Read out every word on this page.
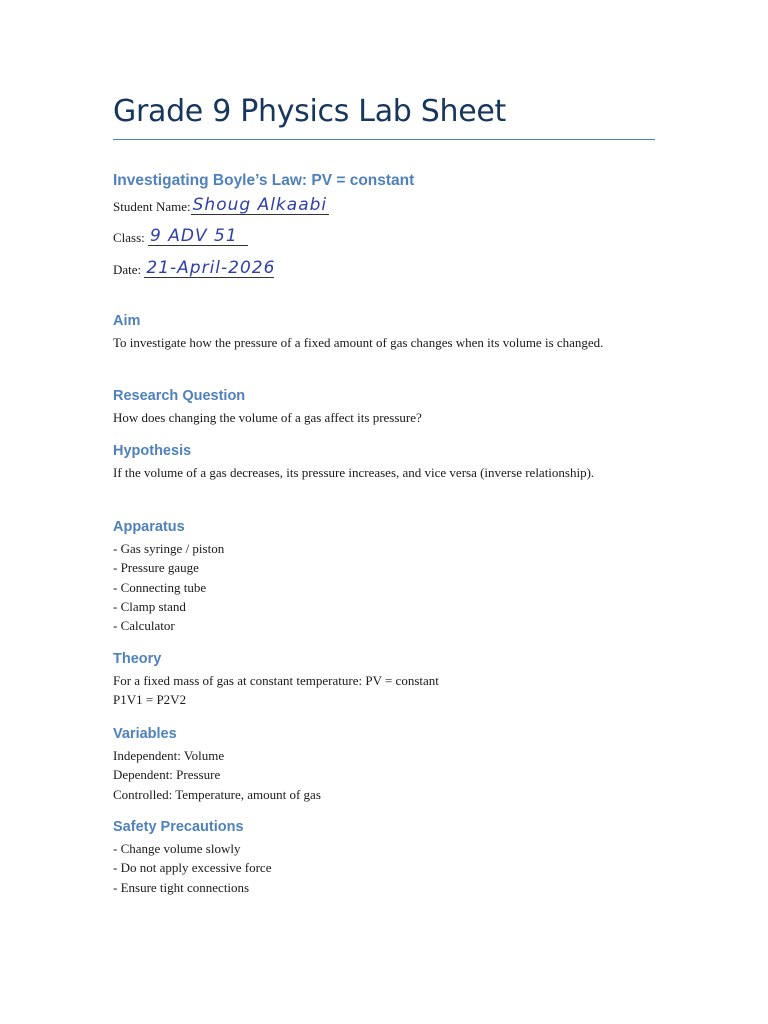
Grade 9 Physics Lab Sheet
Investigating Boyle’s Law: PV = constant
Student Name: Shoug Alkaabi
Class: 9 ADV 51
Date: 21-April-2026
Aim

To investigate how the pressure of a fixed amount of gas changes when its volume is changed.

Research Question

How does changing the volume of a gas affect its pressure?

Hypothesis

If the volume of a gas decreases, its pressure increases, and vice versa (inverse relationship).

Apparatus
- Gas syringe / piston
- Pressure gauge
- Connecting tube
- Clamp stand
- Calculator
Theory
For a fixed mass of gas at constant temperature: PV = constant
P1V1 = P2V2
Variables
Independent: Volume
Dependent: Pressure
Controlled: Temperature, amount of gas
Safety Precautions
- Change volume slowly
- Do not apply excessive force
- Ensure tight connections
